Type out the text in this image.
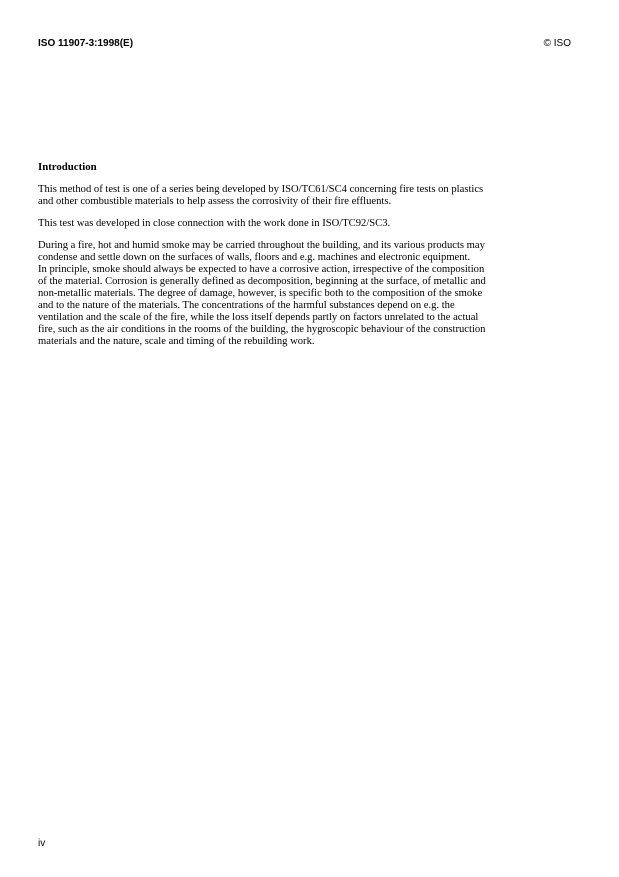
ISO 11907-3:1998(E)	© ISO
Introduction
This method of test is one of a series being developed by ISO/TC61/SC4 concerning fire tests on plastics
and other combustible materials to help assess the corrosivity of their fire effluents.
This test was developed in close connection with the work done in ISO/TC92/SC3.
During a fire, hot and humid smoke may be carried throughout the building, and its various products may
condense and settle down on the surfaces of walls, floors and e.g. machines and electronic equipment.
In principle, smoke should always be expected to have a corrosive action, irrespective of the composition
of the material. Corrosion is generally defined as decomposition, beginning at the surface, of metallic and
non-metallic materials. The degree of damage, however, is specific both to the composition of the smoke
and to the nature of the materials. The concentrations of the harmful substances depend on e.g. the
ventilation and the scale of the fire, while the loss itself depends partly on factors unrelated to the actual
fire, such as the air conditions in the rooms of the building, the hygroscopic behaviour of the construction
materials and the nature, scale and timing of the rebuilding work.
iv
